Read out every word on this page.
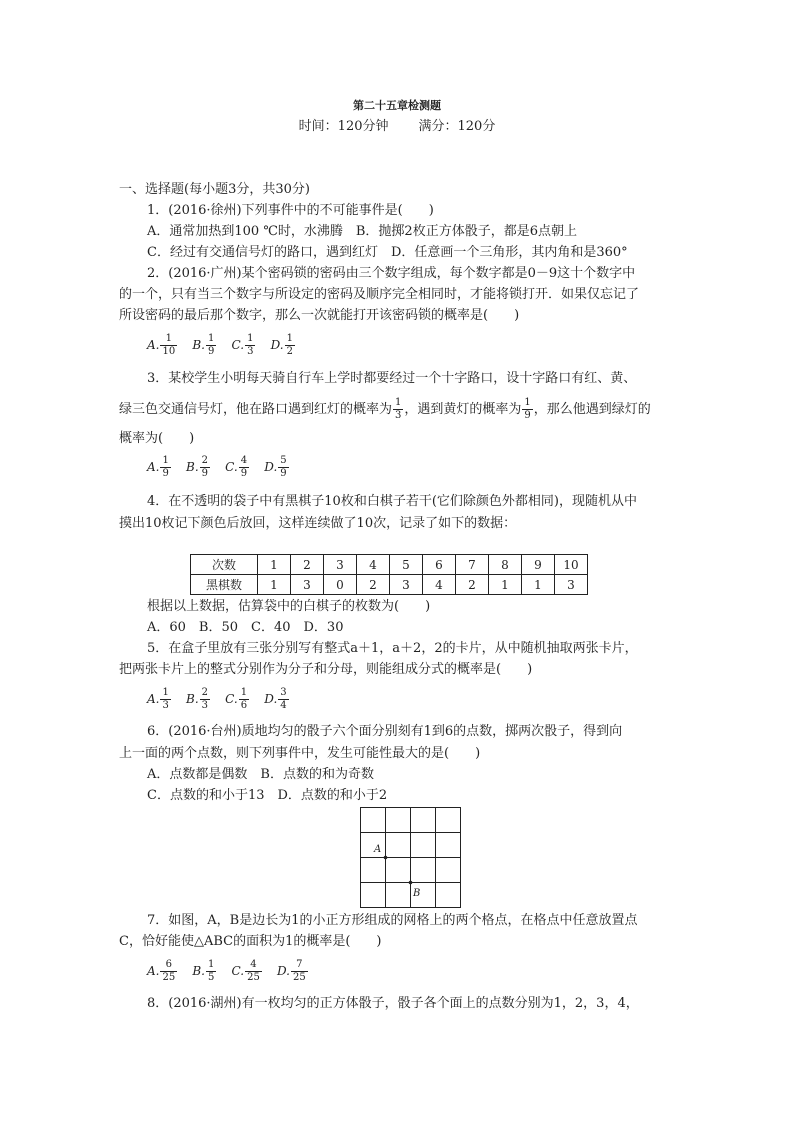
第二十五章检测题
时间：120分钟 满分：120分
一、选择题(每小题3分，共30分)
1．(2016·徐州)下列事件中的不可能事件是(　　)
A．通常加热到100 ℃时，水沸腾　B．抛掷2枚正方体骰子，都是6点朝上
C．经过有交通信号灯的路口，遇到红灯　D．任意画一个三角形，其内角和是360°
2．(2016·广州)某个密码锁的密码由三个数字组成，每个数字都是0－9这十个数字中
的一个，只有当三个数字与所设定的密码及顺序完全相同时，才能将锁打开．如果仅忘记了
所设密码的最后那个数字，那么一次就能打开该密码锁的概率是(　　)
A. $\frac{1}{10} B$. $\frac{1}{9} C$. $\frac{1}{3} D$. $\frac{1}{2}$
3．某校学生小明每天骑自行车上学时都要经过一个十字路口，设十字路口有红、黄、
绿三色交通信号灯，他在路口遇到红灯的概率为 $\frac{1}{3}$ ，遇到黄灯的概率为 $\frac{1}{9}$ ，那么他遇到绿灯的
概率为(　　)
A. $\frac{1}{9} B$. $\frac{2}{9} C$. $\frac{4}{9} D$. $\frac{5}{9}$
4．在不透明的袋子中有黑棋子10枚和白棋子若干(它们除颜色外都相同)，现随机从中
摸出10枚记下颜色后放回，这样连续做了10次，记录了如下的数据：
次数	1	2	3	4	5	6	7	8	9	10
黑棋数	1	3	0	2	3	4	2	1	1	3
根据以上数据，估算袋中的白棋子的枚数为(　　)
A．60　B．50　C．40　D．30
5．在盒子里放有三张分别写有整式a＋1，a＋2，2的卡片，从中随机抽取两张卡片，
把两张卡片上的整式分别作为分子和分母，则能组成分式的概率是(　　)
A. $\frac{1}{3} B$. $\frac{2}{3} C$. $\frac{1}{6} D$. $\frac{3}{4}$
6．(2016·台州)质地均匀的骰子六个面分别刻有1到6的点数，掷两次骰子，得到向
上一面的两个点数，则下列事件中，发生可能性最大的是(　　)
A．点数都是偶数　B．点数的和为奇数
C．点数的和小于13　D．点数的和小于2
A
B
7．如图，A，B是边长为1的小正方形组成的网格上的两个格点，在格点中任意放置点
C，恰好能使△ABC的面积为1的概率是(　　)
A. $\frac{6}{25} B$. $\frac{1}{5} C$. $\frac{4}{25} D$. $\frac{7}{25}$
8．(2016·湖州)有一枚均匀的正方体骰子，骰子各个面上的点数分别为1，2，3，4，
